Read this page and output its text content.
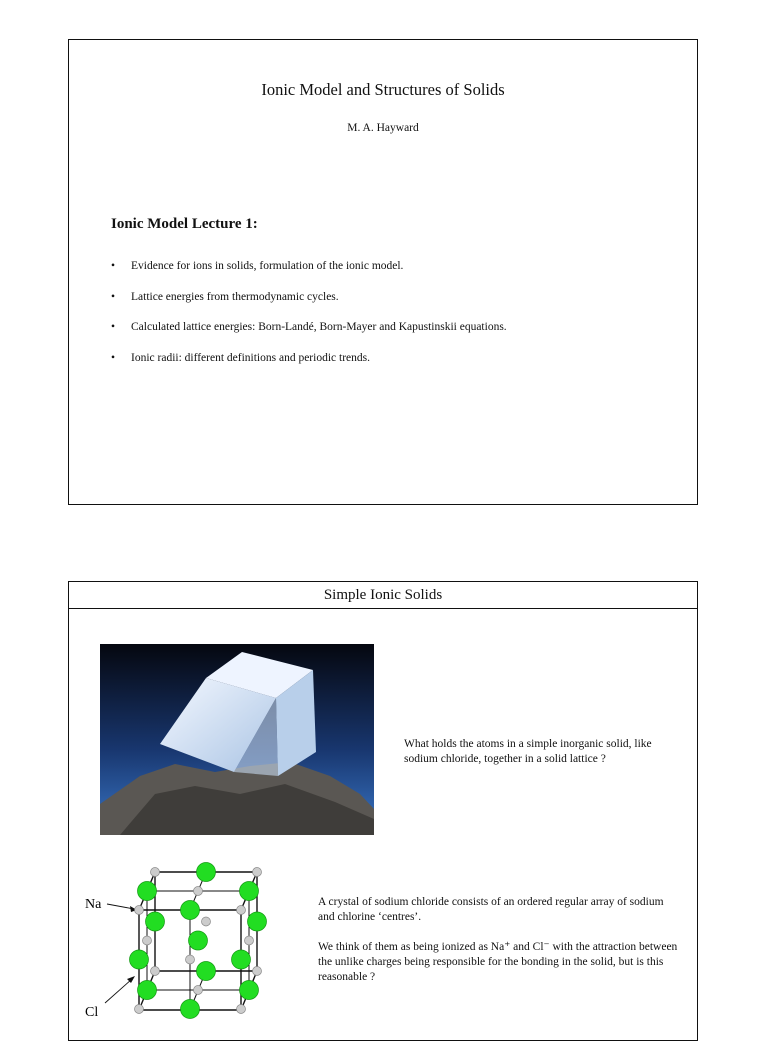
Ionic Model and Structures of Solids
M. A. Hayward
Ionic Model Lecture 1:
•	Evidence for ions in solids, formulation of the ionic model.
•	Lattice energies from thermodynamic cycles.
•	Calculated lattice energies: Born-Landé, Born-Mayer and Kapustinskii equations.
•	Ionic radii: different definitions and periodic trends.
Simple Ionic Solids
What holds the atoms in a simple inorganic solid, like sodium chloride, together in a solid lattice ?
Na
Cl
A crystal of sodium chloride consists of an ordered regular array of sodium and chlorine ‘centres’.
We think of them as being ionized as Na⁺ and Cl⁻ with the attraction between the unlike charges being responsible for the bonding in the solid, but is this reasonable ?
